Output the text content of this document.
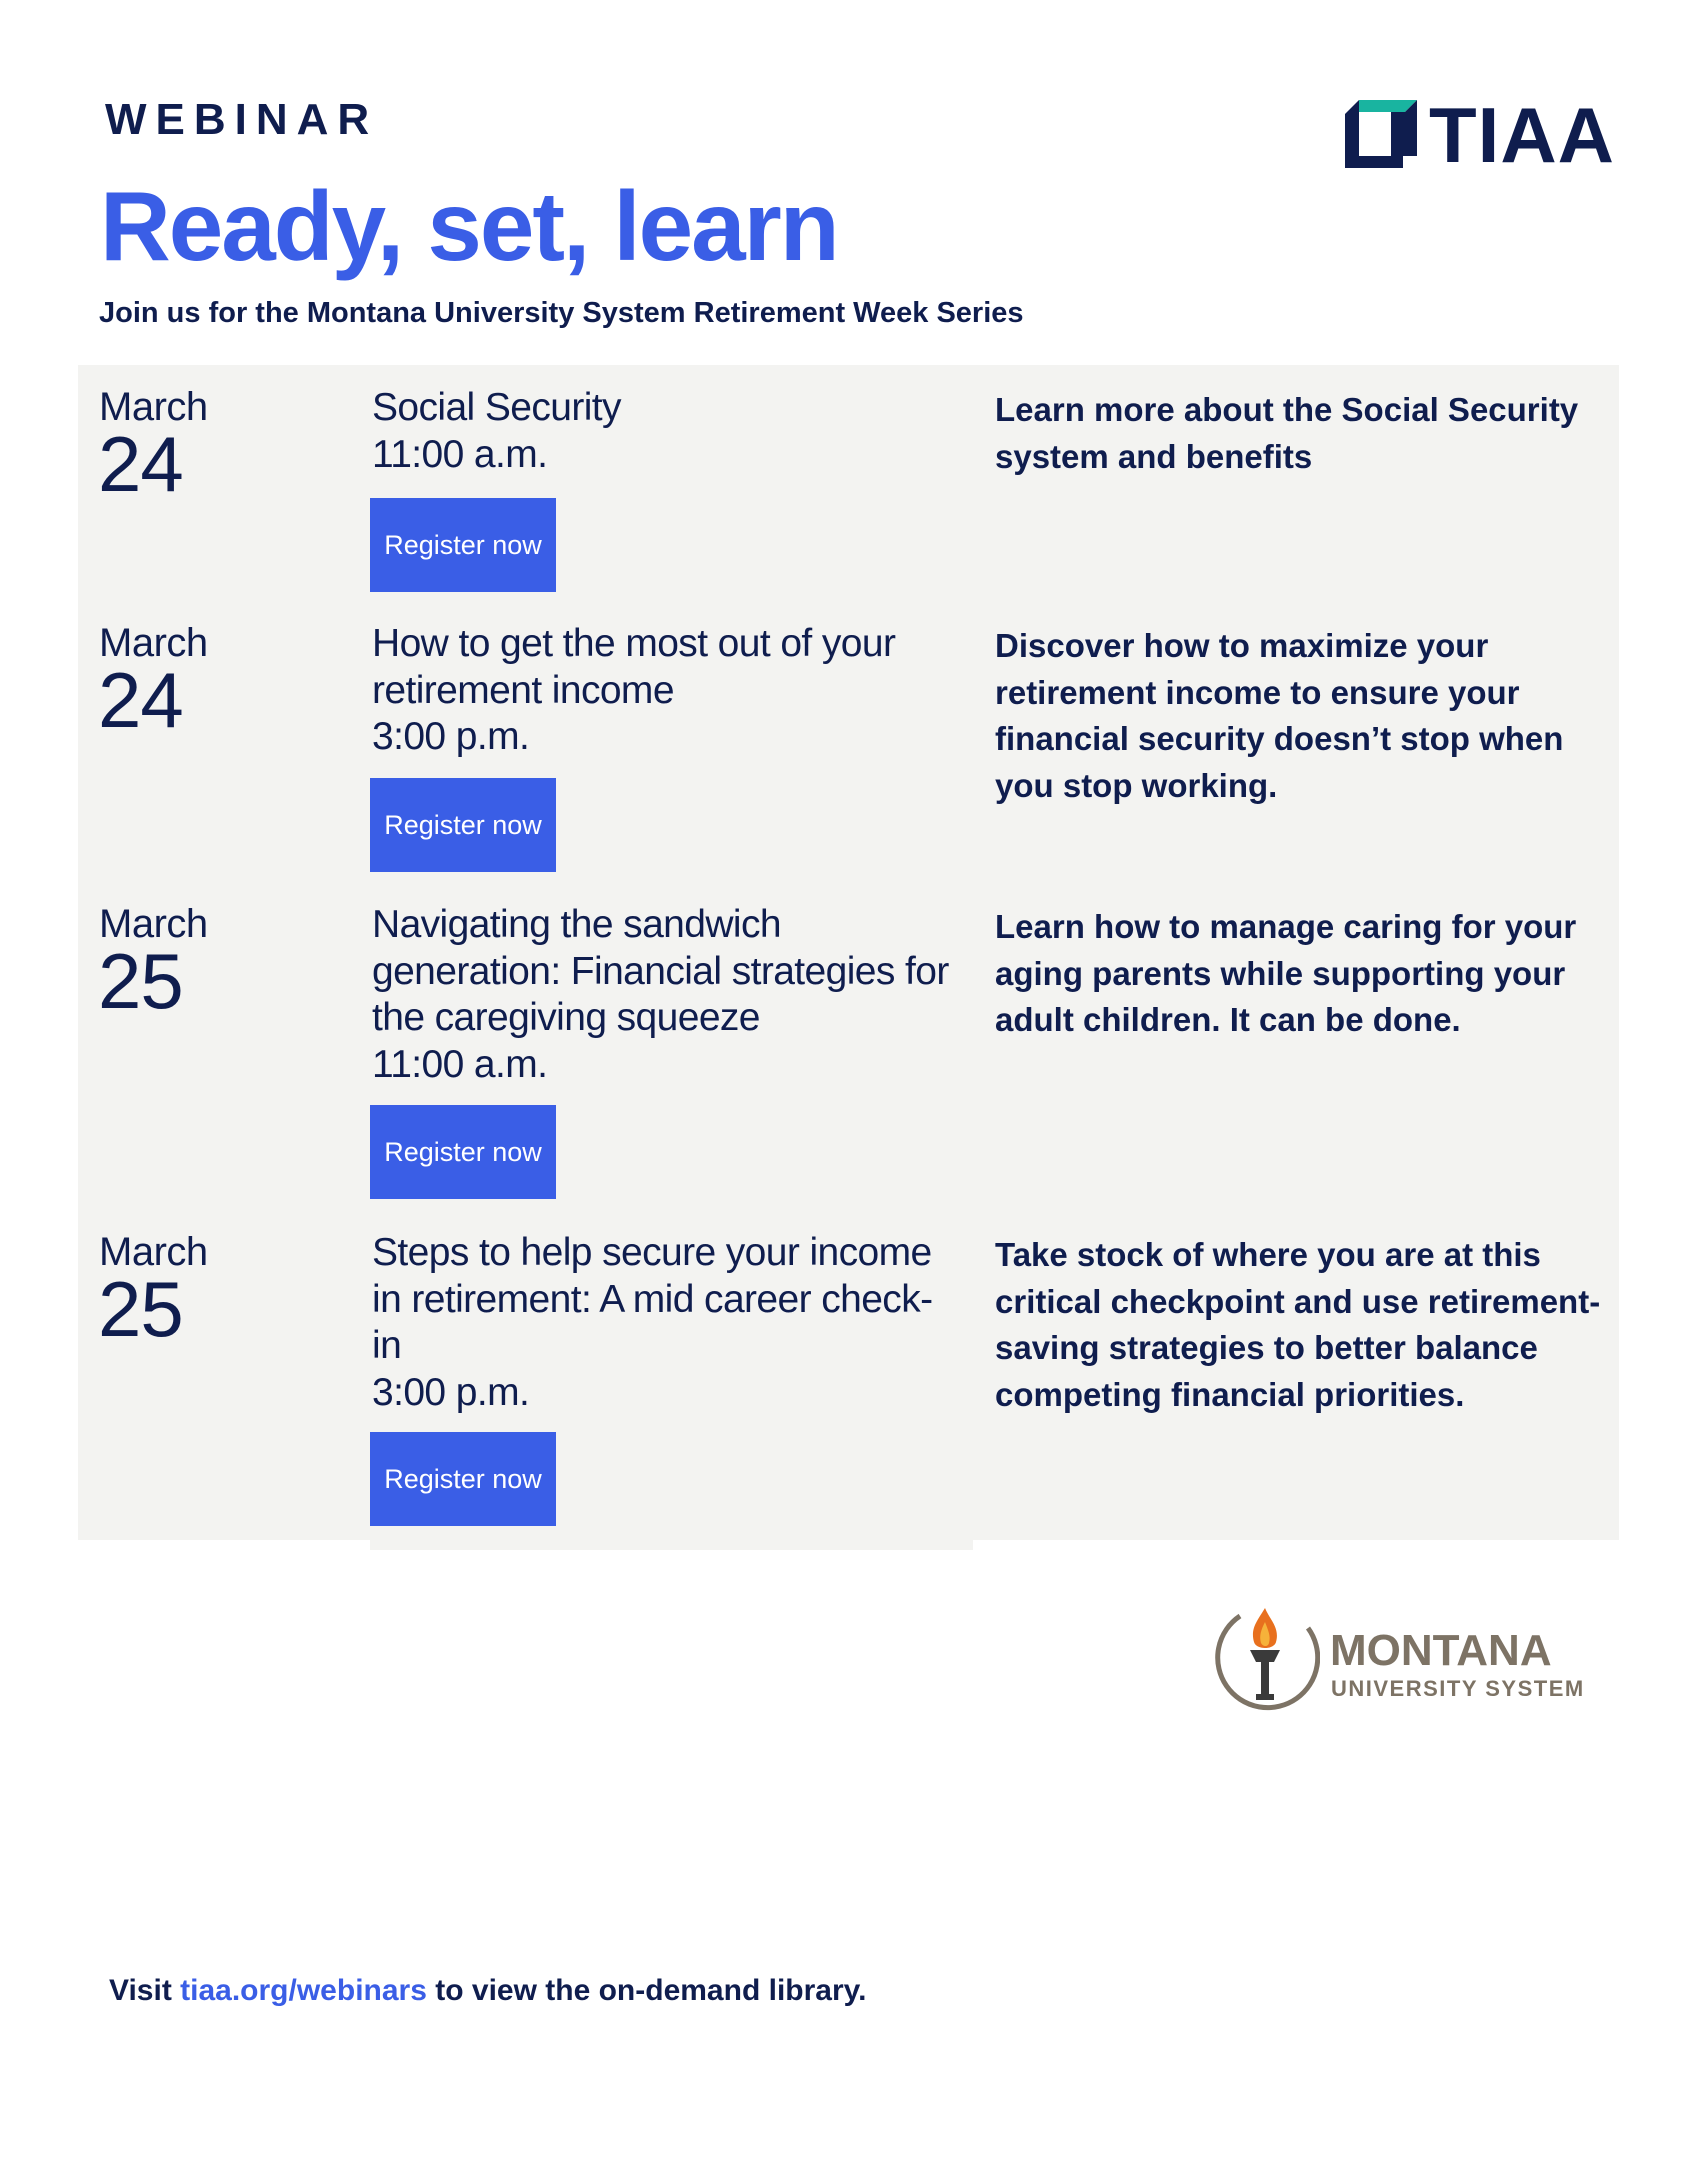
WEBINAR	TIAA
Ready, set, learn
Join us for the Montana University System Retirement Week Series
March
24
Social Security
11:00 a.m.
Register now
Learn more about the Social Security system and benefits
March
24
How to get the most out of your retirement income
3:00 p.m.
Register now
Discover how to maximize your retirement income to ensure your financial security doesn’t stop when you stop working.
March
25
Navigating the sandwich generation: Financial strategies for the caregiving squeeze
11:00 a.m.
Register now
Learn how to manage caring for your aging parents while supporting your adult children. It can be done.
March
25
Steps to help secure your income in retirement: A mid career check-in
3:00 p.m.
Register now
Take stock of where you are at this critical checkpoint and use retirement-saving strategies to better balance competing financial priorities.
MONTANA
UNIVERSITY SYSTEM
Visit tiaa.org/webinars to view the on-demand library.
